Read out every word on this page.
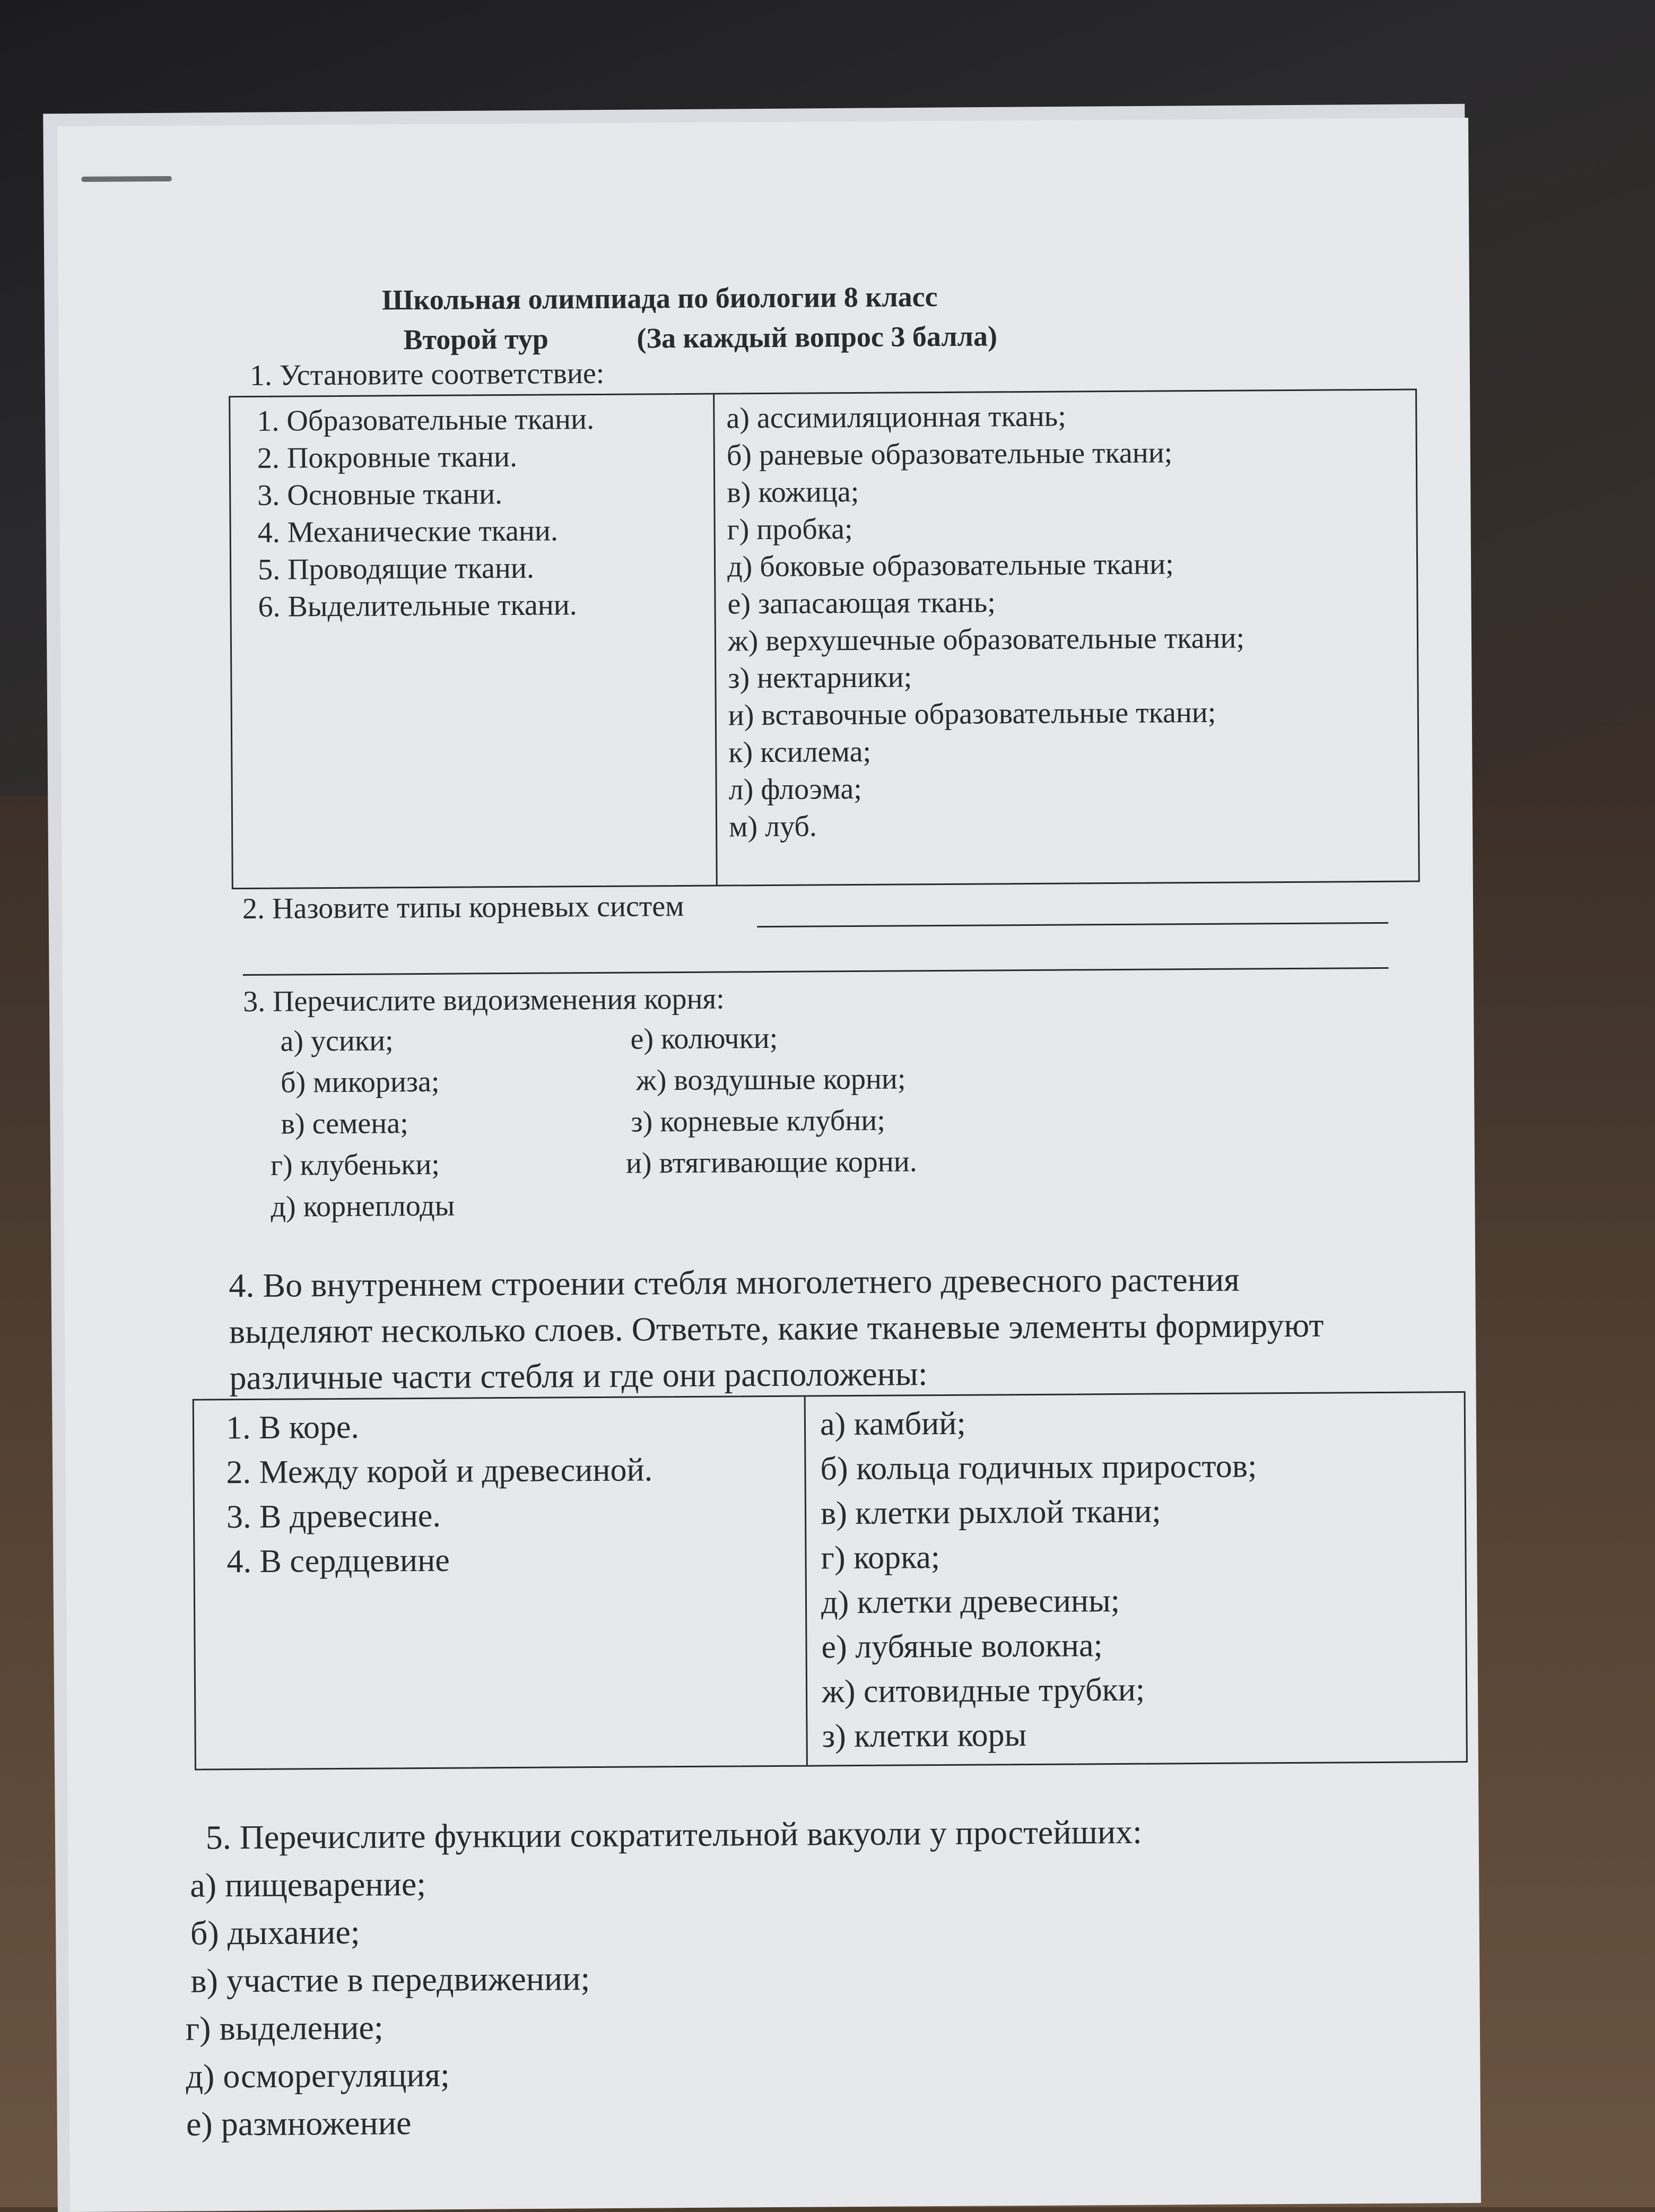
Школьная олимпиада по биологии 8 класс
Второй тур	(За каждый вопрос 3 балла)
1. Установите соответствие:
1. Образовательные ткани.
2. Покровные ткани.
3. Основные ткани.
4. Механические ткани.
5. Проводящие ткани.
6. Выделительные ткани.
а) ассимиляционная ткань;
б) раневые образовательные ткани;
в) кожица;
г) пробка;
д) боковые образовательные ткани;
е) запасающая ткань;
ж) верхушечные образовательные ткани;
з) нектарники;
и) вставочные образовательные ткани;
к) ксилема;
л) флоэма;
м) луб.
2. Назовите типы корневых систем
3. Перечислите видоизменения корня:
а) усики;
б) микориза;
в) семена;
г) клубеньки;
д) корнеплоды
е) колючки;
ж) воздушные корни;
з) корневые клубни;
и) втягивающие корни.
4. Во внутреннем строении стебля многолетнего древесного растения
выделяют несколько слоев. Ответьте, какие тканевые элементы формируют
различные части стебля и где они расположены:
1. В коре.
2. Между корой и древесиной.
3. В древесине.
4. В сердцевине
а) камбий;
б) кольца годичных приростов;
в) клетки рыхлой ткани;
г) корка;
д) клетки древесины;
е) лубяные волокна;
ж) ситовидные трубки;
з) клетки коры
5. Перечислите функции сократительной вакуоли у простейших:
а) пищеварение;
б) дыхание;
в) участие в передвижении;
г) выделение;
д) осморегуляция;
е) размножение
